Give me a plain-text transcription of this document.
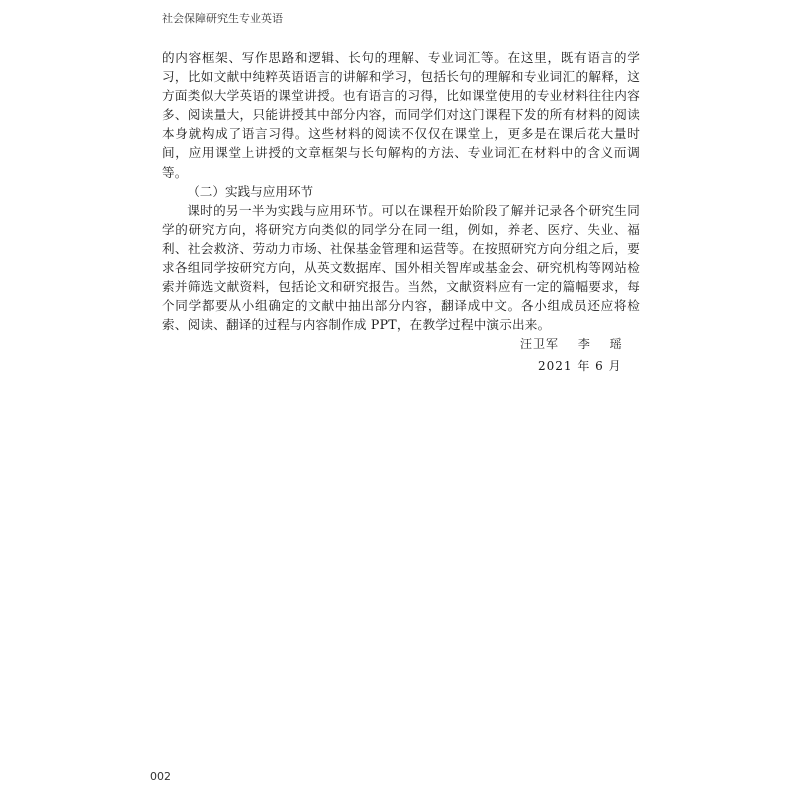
社会保障研究生专业英语

的内容框架、写作思路和逻辑、长句的理解、专业词汇等。在这里，既有语言的学习，比如文献中纯粹英语语言的讲解和学习，包括长句的理解和专业词汇的解释，这方面类似大学英语的课堂讲授。也有语言的习得，比如课堂使用的专业材料往往内容多、阅读量大，只能讲授其中部分内容，而同学们对这门课程下发的所有材料的阅读本身就构成了语言习得。这些材料的阅读不仅仅在课堂上，更多是在课后花大量时间，应用课堂上讲授的文章框架与长句解构的方法、专业词汇在材料中的含义而调等。

（二）实践与应用环节

课时的另一半为实践与应用环节。可以在课程开始阶段了解并记录各个研究生同学的研究方向，将研究方向类似的同学分在同一组，例如，养老、医疗、失业、福利、社会救济、劳动力市场、社保基金管理和运营等。在按照研究方向分组之后，要求各组同学按研究方向，从英文数据库、国外相关智库或基金会、研究机构等网站检索并筛选文献资料，包括论文和研究报告。当然，文献资料应有一定的篇幅要求，每个同学都要从小组确定的文献中抽出部分内容，翻译成中文。各小组成员还应将检索、阅读、翻译的过程与内容制作成 PPT，在教学过程中演示出来。

汪卫军 李 瑶
2021 年 6 月
002
